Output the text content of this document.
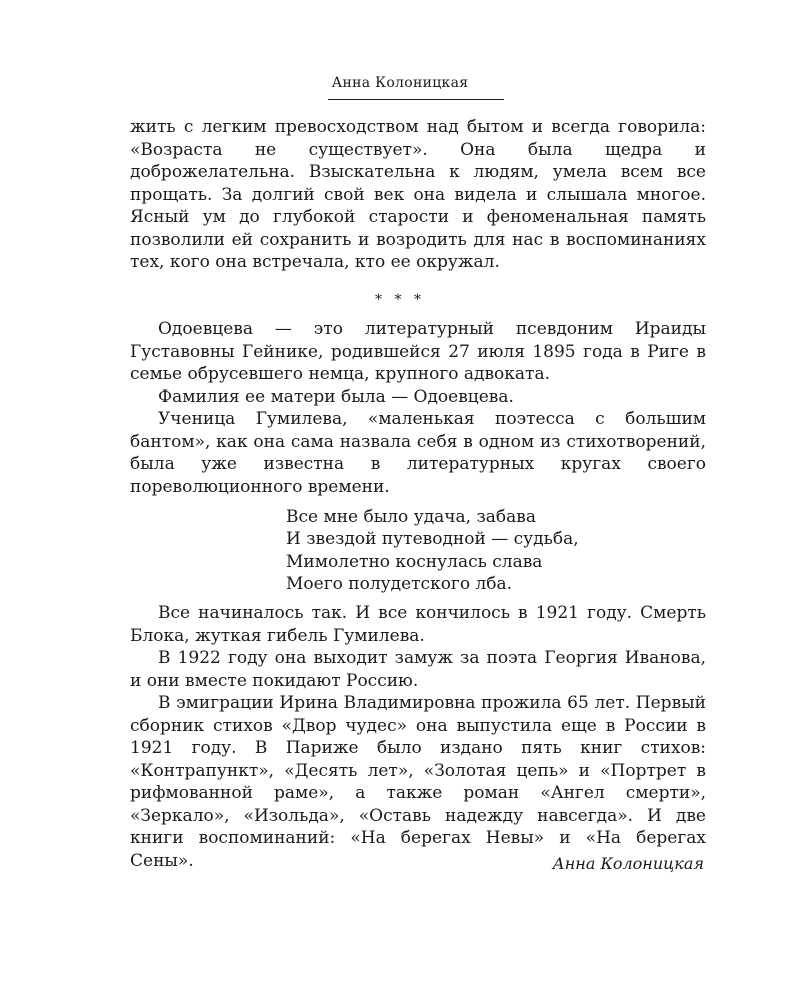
Анна Колоницкая

жить с легким превосходством над бытом и всегда говорила: «Возраста не существует». Она была щедра и доброжелательна. Взыскательна к людям, умела всем все прощать. За долгий свой век она видела и слышала многое. Ясный ум до глубокой старости и феноменальная память позволили ей сохранить и возродить для нас в воспоминаниях тех, кого она встречала, кто ее окружал.

* * *

Одоевцева — это литературный псевдоним Ираиды Густавовны Гейнике, родившейся 27 июля 1895 года в Риге в семье обрусевшего немца, крупного адвоката.

Фамилия ее матери была — Одоевцева.

Ученица Гумилева, «маленькая поэтесса с большим бантом», как она сама назвала себя в одном из стихотворений, была уже известна в литературных кругах своего пореволюционного времени.

Все мне было удача, забава
И звездой путеводной — судьба,
Мимолетно коснулась слава
Моего полудетского лба.

Все начиналось так. И все кончилось в 1921 году. Смерть Блока, жуткая гибель Гумилева.

В 1922 году она выходит замуж за поэта Георгия Иванова, и они вместе покидают Россию.

В эмиграции Ирина Владимировна прожила 65 лет. Первый сборник стихов «Двор чудес» она выпустила еще в России в 1921 году. В Париже было издано пять книг стихов: «Контрапункт», «Десять лет», «Золотая цепь» и «Портрет в рифмованной раме», а также роман «Ангел смерти», «Зеркало», «Изольда», «Оставь надежду навсегда». И две книги воспоминаний: «На берегах Невы» и «На берегах Сены».	Анна Колоницкая
